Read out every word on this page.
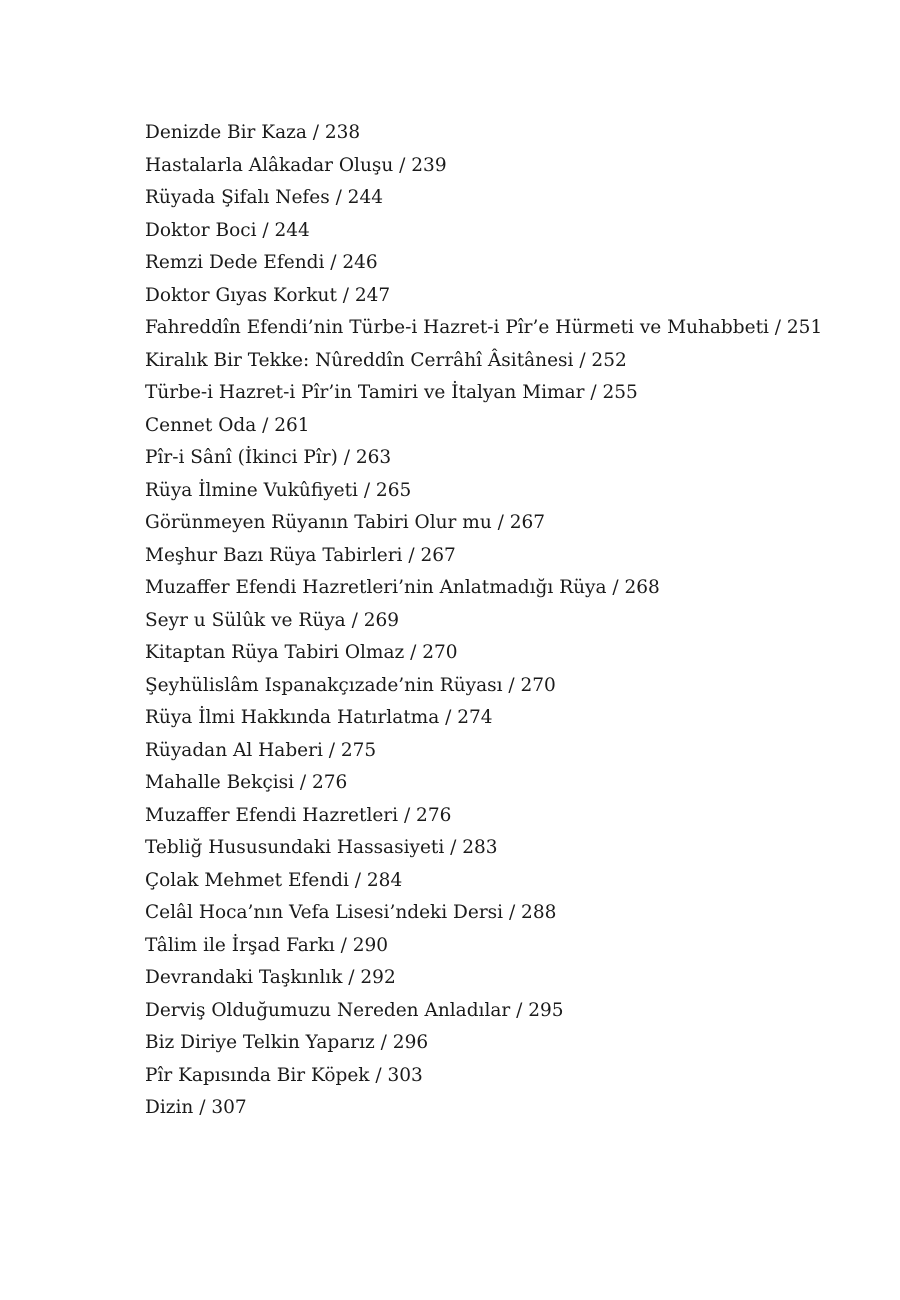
Denizde Bir Kaza / 238
Hastalarla Alâkadar Oluşu / 239
Rüyada Şifalı Nefes / 244
Doktor Boci / 244
Remzi Dede Efendi / 246
Doktor Gıyas Korkut / 247
Fahreddîn Efendi’nin Türbe-i Hazret-i Pîr’e Hürmeti ve Muhabbeti / 251
Kiralık Bir Tekke: Nûreddîn Cerrâhî Âsitânesi / 252
Türbe-i Hazret-i Pîr’in Tamiri ve İtalyan Mimar / 255
Cennet Oda / 261
Pîr-i Sânî (İkinci Pîr) / 263
Rüya İlmine Vukûfiyeti / 265
Görünmeyen Rüyanın Tabiri Olur mu / 267
Meşhur Bazı Rüya Tabirleri / 267
Muzaffer Efendi Hazretleri’nin Anlatmadığı Rüya / 268
Seyr u Sülûk ve Rüya / 269
Kitaptan Rüya Tabiri Olmaz / 270
Şeyhülislâm Ispanakçızade’nin Rüyası / 270
Rüya İlmi Hakkında Hatırlatma / 274
Rüyadan Al Haberi / 275
Mahalle Bekçisi / 276
Muzaffer Efendi Hazretleri / 276
Tebliğ Hususundaki Hassasiyeti / 283
Çolak Mehmet Efendi / 284
Celâl Hoca’nın Vefa Lisesi’ndeki Dersi / 288
Tâlim ile İrşad Farkı / 290
Devrandaki Taşkınlık / 292
Derviş Olduğumuzu Nereden Anladılar / 295
Biz Diriye Telkin Yaparız / 296
Pîr Kapısında Bir Köpek / 303
Dizin / 307
